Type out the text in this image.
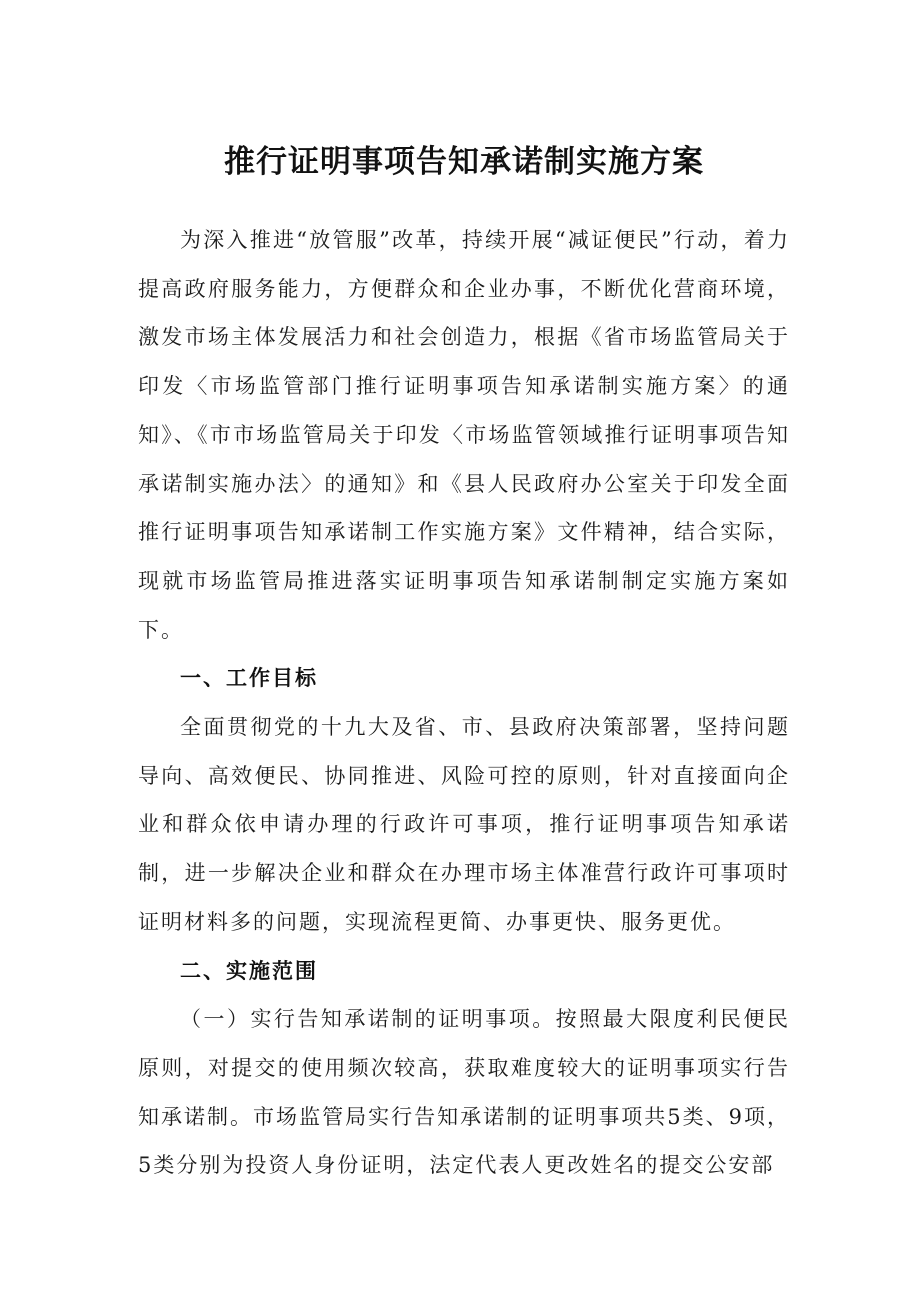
推行证明事项告知承诺制实施方案

为深入推进“放管服”改革，持续开展“减证便民”行动，着力提高政府服务能力，方便群众和企业办事，不断优化营商环境，激发市场主体发展活力和社会创造力，根据《省市场监管局关于印发〈市场监管部门推行证明事项告知承诺制实施方案〉的通知》、《市市场监管局关于印发〈市场监管领域推行证明事项告知承诺制实施办法〉的通知》和《县人民政府办公室关于印发全面推行证明事项告知承诺制工作实施方案》文件精神，结合实际，现就市场监管局推进落实证明事项告知承诺制制定实施方案如下。

一、工作目标

全面贯彻党的十九大及省、市、县政府决策部署，坚持问题导向、高效便民、协同推进、风险可控的原则，针对直接面向企业和群众依申请办理的行政许可事项，推行证明事项告知承诺制，进一步解决企业和群众在办理市场主体准营行政许可事项时证明材料多的问题，实现流程更简、办事更快、服务更优。

二、实施范围

（一）实行告知承诺制的证明事项。按照最大限度利民便民原则，对提交的使用频次较高，获取难度较大的证明事项实行告知承诺制。市场监管局实行告知承诺制的证明事项共5类、9项，5类分别为投资人身份证明，法定代表人更改姓名的提交公安部
